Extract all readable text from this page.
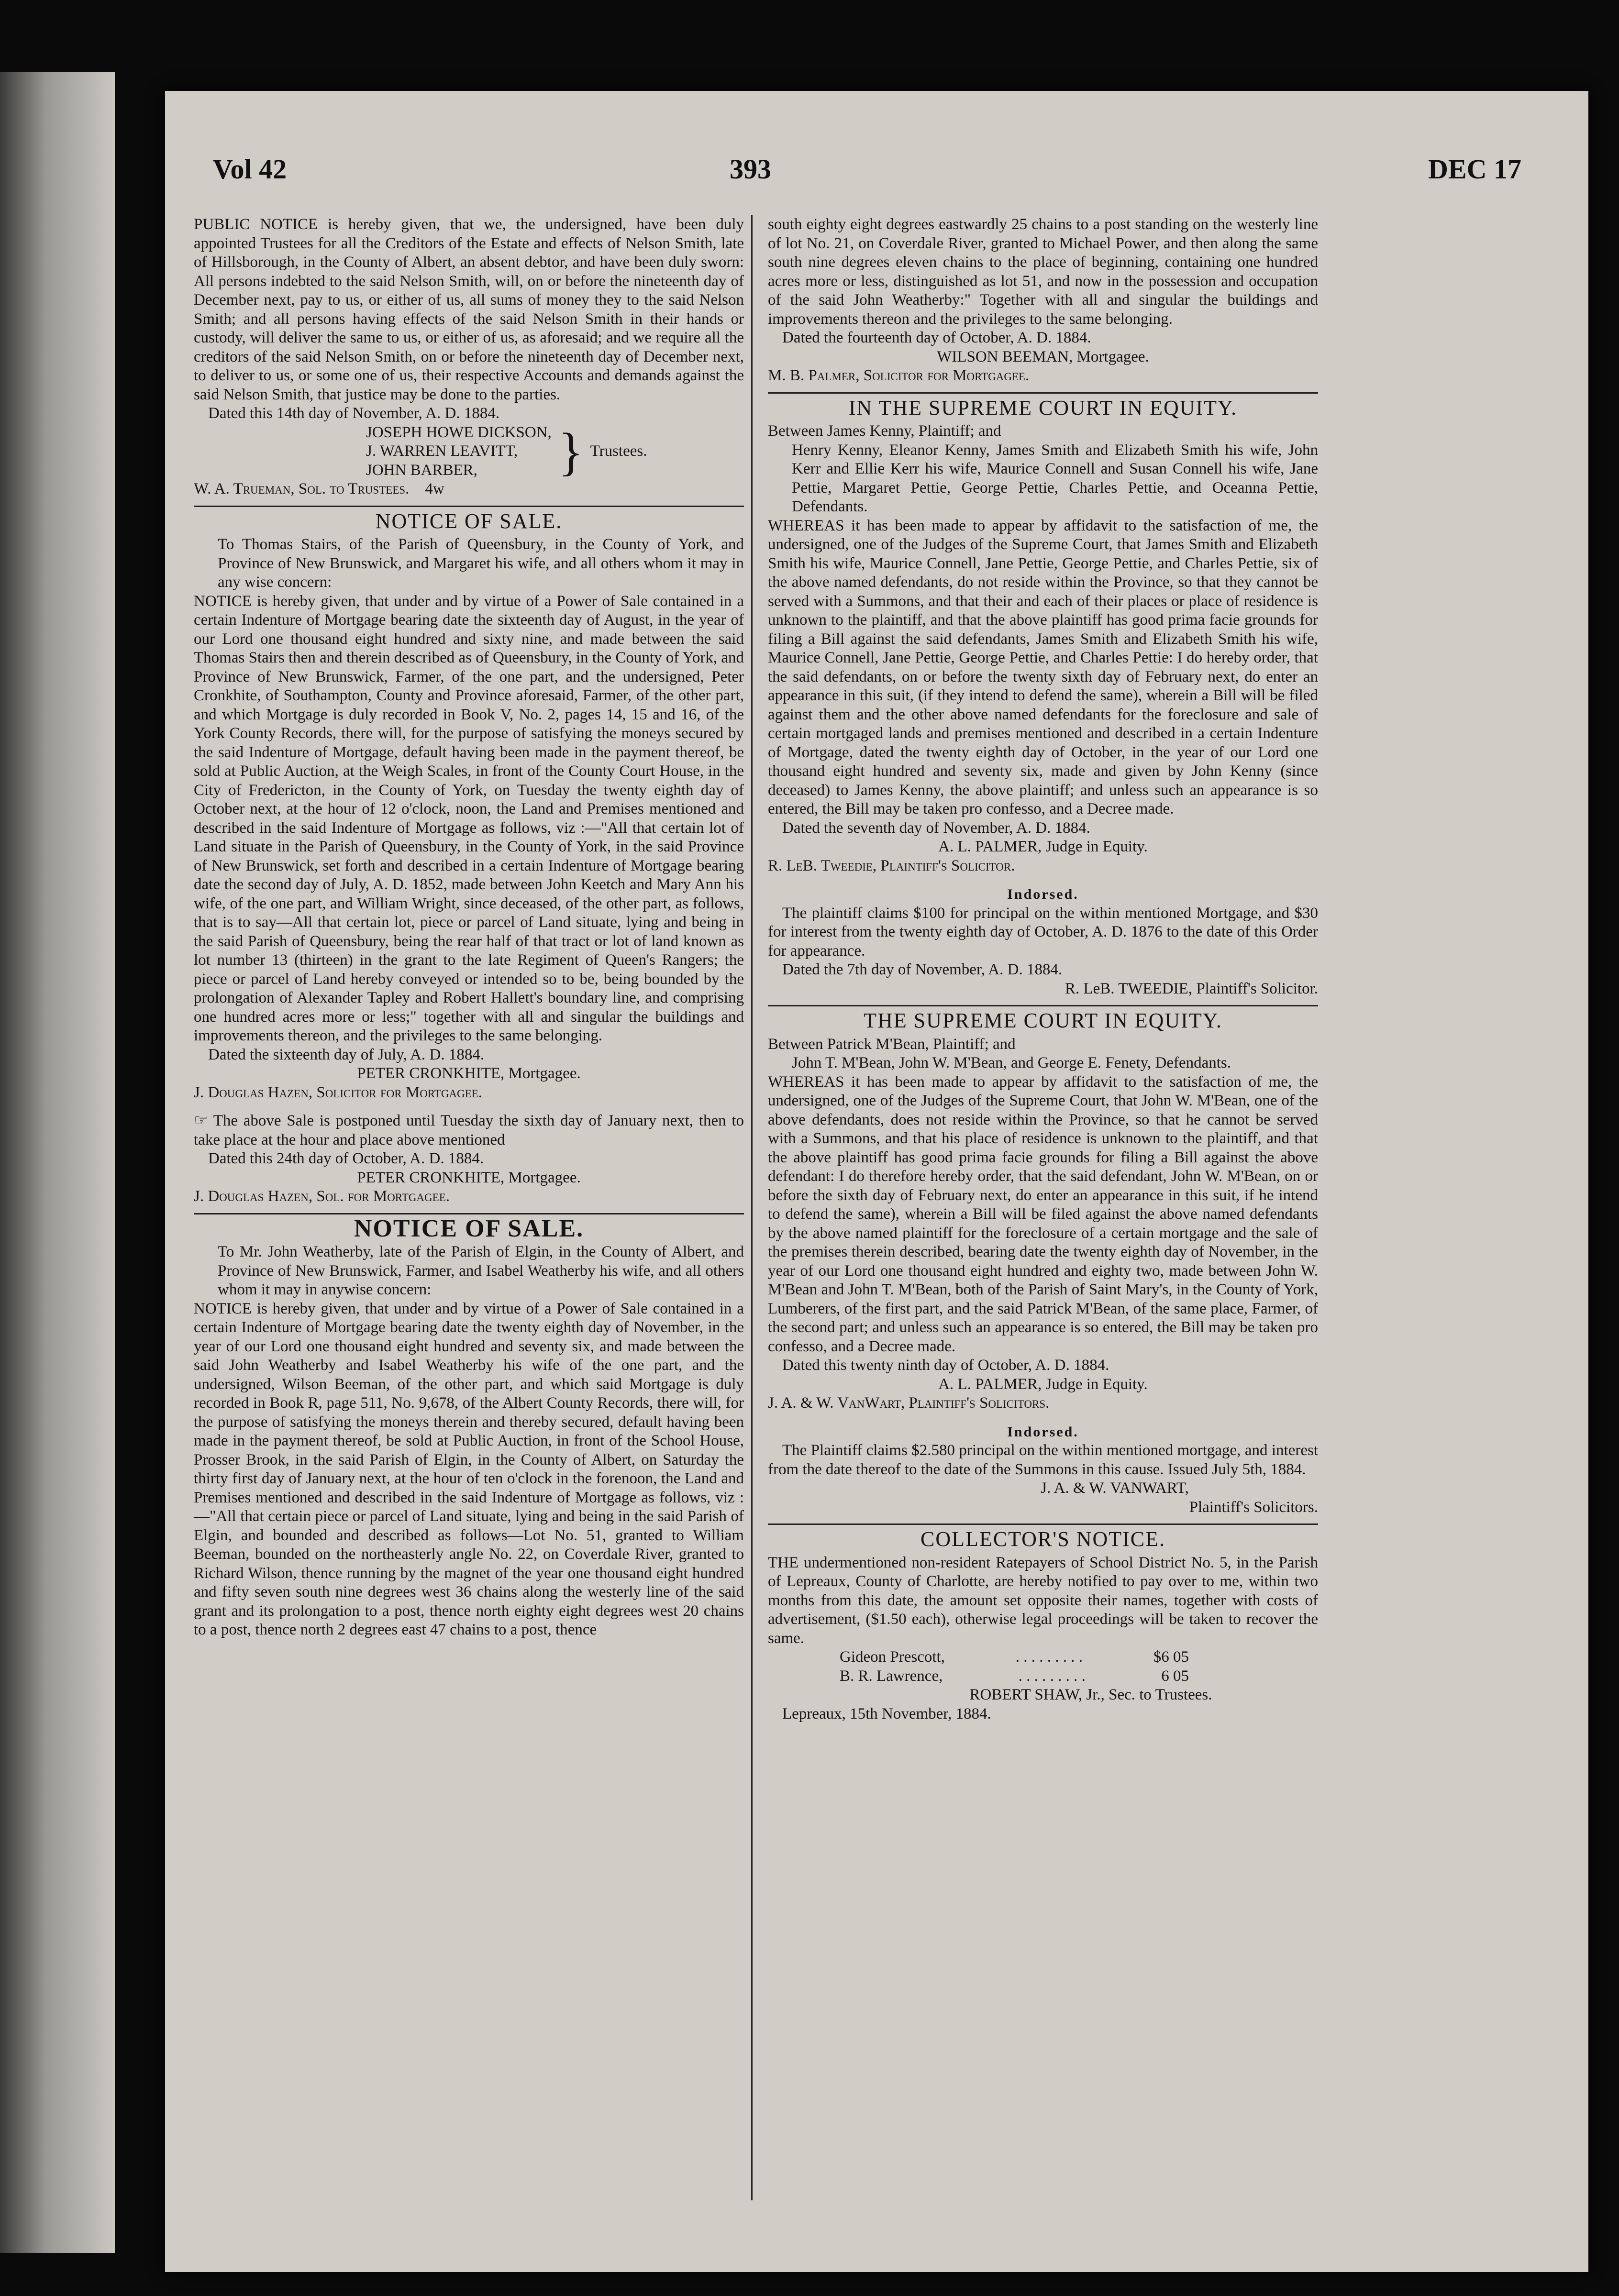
Vol 42	393	DEC 17

PUBLIC NOTICE is hereby given, that we, the undersigned, have been duly appointed Trustees for all the Creditors of the Estate and effects of Nelson Smith, late of Hillsborough, in the County of Albert, an absent debtor, and have been duly sworn: All persons indebted to the said Nelson Smith, will, on or before the nineteenth day of December next, pay to us, or either of us, all sums of money they to the said Nelson Smith; and all persons having effects of the said Nelson Smith in their hands or custody, will deliver the same to us, or either of us, as aforesaid; and we require all the creditors of the said Nelson Smith, on or before the nineteenth day of December next, to deliver to us, or some one of us, their respective Accounts and demands against the said Nelson Smith, that justice may be done to the parties.

Dated this 14th day of November, A. D. 1884.

JOSEPH HOWE DICKSON,
J. WARREN LEAVITT,
JOHN BARBER,	} Trustees.

W. A. Trueman, Sol. to Trustees. 4w

NOTICE OF SALE.

To Thomas Stairs, of the Parish of Queensbury, in the County of York, and Province of New Brunswick, and Margaret his wife, and all others whom it may in any wise concern:

NOTICE is hereby given, that under and by virtue of a Power of Sale contained in a certain Indenture of Mortgage bearing date the sixteenth day of August, in the year of our Lord one thousand eight hundred and sixty nine, and made between the said Thomas Stairs then and therein described as of Queensbury, in the County of York, and Province of New Brunswick, Farmer, of the one part, and the undersigned, Peter Cronkhite, of Southampton, County and Province aforesaid, Farmer, of the other part, and which Mortgage is duly recorded in Book V, No. 2, pages 14, 15 and 16, of the York County Records, there will, for the purpose of satisfying the moneys secured by the said Indenture of Mortgage, default having been made in the payment thereof, be sold at Public Auction, at the Weigh Scales, in front of the County Court House, in the City of Fredericton, in the County of York, on Tuesday the twenty eighth day of October next, at the hour of 12 o'clock, noon, the Land and Premises mentioned and described in the said Indenture of Mortgage as follows, viz :—"All that certain lot of Land situate in the Parish of Queensbury, in the County of York, in the said Province of New Brunswick, set forth and described in a certain Indenture of Mortgage bearing date the second day of July, A. D. 1852, made between John Keetch and Mary Ann his wife, of the one part, and William Wright, since deceased, of the other part, as follows, that is to say—All that certain lot, piece or parcel of Land situate, lying and being in the said Parish of Queensbury, being the rear half of that tract or lot of land known as lot number 13 (thirteen) in the grant to the late Regiment of Queen's Rangers; the piece or parcel of Land hereby conveyed or intended so to be, being bounded by the prolongation of Alexander Tapley and Robert Hallett's boundary line, and comprising one hundred acres more or less;" together with all and singular the buildings and improvements thereon, and the privileges to the same belonging.

Dated the sixteenth day of July, A. D. 1884.

PETER CRONKHITE, Mortgagee.

J. Douglas Hazen, Solicitor for Mortgagee.

☞ The above Sale is postponed until Tuesday the sixth day of January next, then to take place at the hour and place above mentioned

Dated this 24th day of October, A. D. 1884.

PETER CRONKHITE, Mortgagee.

J. Douglas Hazen, Sol. for Mortgagee.

NOTICE OF SALE.

To Mr. John Weatherby, late of the Parish of Elgin, in the County of Albert, and Province of New Brunswick, Farmer, and Isabel Weatherby his wife, and all others whom it may in anywise concern:

NOTICE is hereby given, that under and by virtue of a Power of Sale contained in a certain Indenture of Mortgage bearing date the twenty eighth day of November, in the year of our Lord one thousand eight hundred and seventy six, and made between the said John Weatherby and Isabel Weatherby his wife of the one part, and the undersigned, Wilson Beeman, of the other part, and which said Mortgage is duly recorded in Book R, page 511, No. 9,678, of the Albert County Records, there will, for the purpose of satisfying the moneys therein and thereby secured, default having been made in the payment thereof, be sold at Public Auction, in front of the School House, Prosser Brook, in the said Parish of Elgin, in the County of Albert, on Saturday the thirty first day of January next, at the hour of ten o'clock in the forenoon, the Land and Premises mentioned and described in the said Indenture of Mortgage as follows, viz :—"All that certain piece or parcel of Land situate, lying and being in the said Parish of Elgin, and bounded and described as follows—Lot No. 51, granted to William Beeman, bounded on the northeasterly angle No. 22, on Coverdale River, granted to Richard Wilson, thence running by the magnet of the year one thousand eight hundred and fifty seven south nine degrees west 36 chains along the westerly line of the said grant and its prolongation to a post, thence north eighty eight degrees west 20 chains to a post, thence north 2 degrees east 47 chains to a post, thence

south eighty eight degrees eastwardly 25 chains to a post standing on the westerly line of lot No. 21, on Coverdale River, granted to Michael Power, and then along the same south nine degrees eleven chains to the place of beginning, containing one hundred acres more or less, distinguished as lot 51, and now in the possession and occupation of the said John Weatherby:" Together with all and singular the buildings and improvements thereon and the privileges to the same belonging.

Dated the fourteenth day of October, A. D. 1884.

WILSON BEEMAN, Mortgagee.

M. B. Palmer, Solicitor for Mortgagee.

IN THE SUPREME COURT IN EQUITY.

Between James Kenny, Plaintiff; and

Henry Kenny, Eleanor Kenny, James Smith and Elizabeth Smith his wife, John Kerr and Ellie Kerr his wife, Maurice Connell and Susan Connell his wife, Jane Pettie, Margaret Pettie, George Pettie, Charles Pettie, and Oceanna Pettie, Defendants.

WHEREAS it has been made to appear by affidavit to the satisfaction of me, the undersigned, one of the Judges of the Supreme Court, that James Smith and Elizabeth Smith his wife, Maurice Connell, Jane Pettie, George Pettie, and Charles Pettie, six of the above named defendants, do not reside within the Province, so that they cannot be served with a Summons, and that their and each of their places or place of residence is unknown to the plaintiff, and that the above plaintiff has good prima facie grounds for filing a Bill against the said defendants, James Smith and Elizabeth Smith his wife, Maurice Connell, Jane Pettie, George Pettie, and Charles Pettie: I do hereby order, that the said defendants, on or before the twenty sixth day of February next, do enter an appearance in this suit, (if they intend to defend the same), wherein a Bill will be filed against them and the other above named defendants for the foreclosure and sale of certain mortgaged lands and premises mentioned and described in a certain Indenture of Mortgage, dated the twenty eighth day of October, in the year of our Lord one thousand eight hundred and seventy six, made and given by John Kenny (since deceased) to James Kenny, the above plaintiff; and unless such an appearance is so entered, the Bill may be taken pro confesso, and a Decree made.

Dated the seventh day of November, A. D. 1884.

A. L. PALMER, Judge in Equity.

R. LeB. Tweedie, Plaintiff's Solicitor.

Indorsed.

The plaintiff claims $100 for principal on the within mentioned Mortgage, and $30 for interest from the twenty eighth day of October, A. D. 1876 to the date of this Order for appearance.

Dated the 7th day of November, A. D. 1884.

R. LeB. TWEEDIE, Plaintiff's Solicitor.

THE SUPREME COURT IN EQUITY.

Between Patrick M'Bean, Plaintiff; and

John T. M'Bean, John W. M'Bean, and George E. Fenety, Defendants.

WHEREAS it has been made to appear by affidavit to the satisfaction of me, the undersigned, one of the Judges of the Supreme Court, that John W. M'Bean, one of the above defendants, does not reside within the Province, so that he cannot be served with a Summons, and that his place of residence is unknown to the plaintiff, and that the above plaintiff has good prima facie grounds for filing a Bill against the above defendant: I do therefore hereby order, that the said defendant, John W. M'Bean, on or before the sixth day of February next, do enter an appearance in this suit, if he intend to defend the same), wherein a Bill will be filed against the above named defendants by the above named plaintiff for the foreclosure of a certain mortgage and the sale of the premises therein described, bearing date the twenty eighth day of November, in the year of our Lord one thousand eight hundred and eighty two, made between John W. M'Bean and John T. M'Bean, both of the Parish of Saint Mary's, in the County of York, Lumberers, of the first part, and the said Patrick M'Bean, of the same place, Farmer, of the second part; and unless such an appearance is so entered, the Bill may be taken pro confesso, and a Decree made.

Dated this twenty ninth day of October, A. D. 1884.

A. L. PALMER, Judge in Equity.

J. A. & W. VanWart, Plaintiff's Solicitors.

Indorsed.

The Plaintiff claims $2.580 principal on the within mentioned mortgage, and interest from the date thereof to the date of the Summons in this cause. Issued July 5th, 1884.

J. A. & W. VANWART,

Plaintiff's Solicitors.

COLLECTOR'S NOTICE.

THE undermentioned non-resident Ratepayers of School District No. 5, in the Parish of Lepreaux, County of Charlotte, are hereby notified to pay over to me, within two months from this date, the amount set opposite their names, together with costs of advertisement, ($1.50 each), otherwise legal proceedings will be taken to recover the same.

Gideon Prescott,	. . . . . . . . .	$6 05
B. R. Lawrence,	. . . . . . . . .	6 05

ROBERT SHAW, Jr., Sec. to Trustees.

Lepreaux, 15th November, 1884.
